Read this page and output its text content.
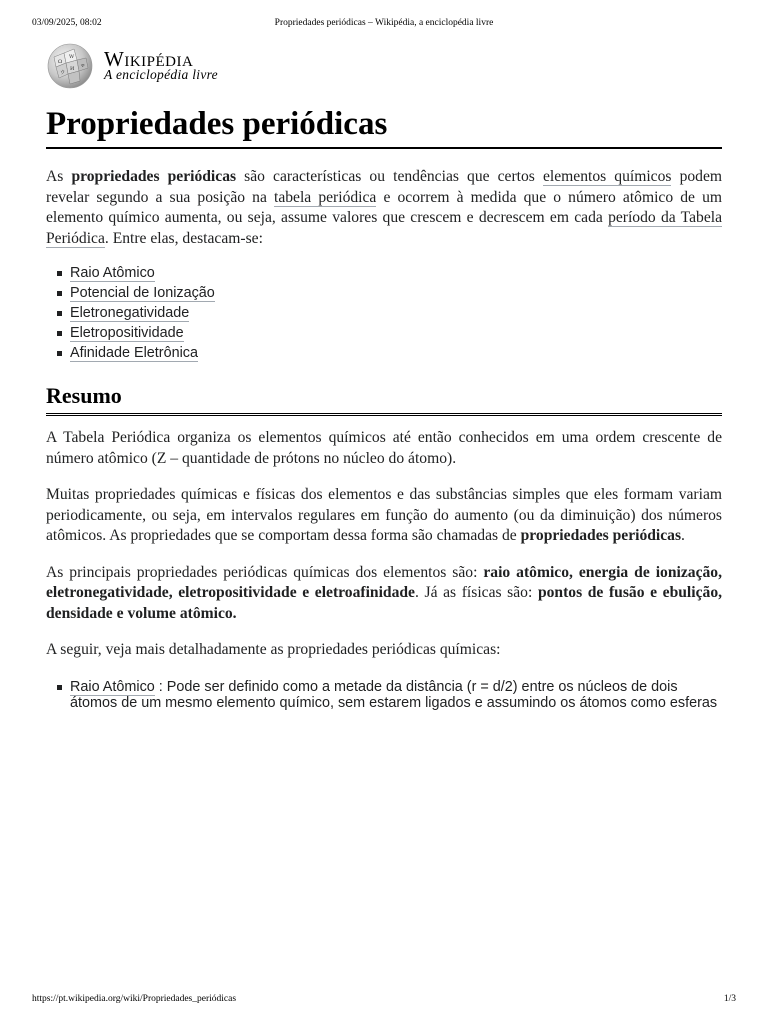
03/09/2025, 08:02	Propriedades periódicas – Wikipédia, a enciclopédia livre
Ω
W
И
ウ
ক Wikipédia
A enciclopédia livre
Propriedades periódicas

As propriedades periódicas são características ou tendências que certos elementos químicos podem revelar segundo a sua posição na tabela periódica e ocorrem à medida que o número atômico de um elemento químico aumenta, ou seja, assume valores que crescem e decrescem em cada período da Tabela Periódica. Entre elas, destacam-se:

Raio Atômico
Potencial de Ionização
Eletronegatividade
Eletropositividade
Afinidade Eletrônica
Resumo

A Tabela Periódica organiza os elementos químicos até então conhecidos em uma ordem crescente de número atômico (Z – quantidade de prótons no núcleo do átomo).

Muitas propriedades químicas e físicas dos elementos e das substâncias simples que eles formam variam periodicamente, ou seja, em intervalos regulares em função do aumento (ou da diminuição) dos números atômicos. As propriedades que se comportam dessa forma são chamadas de propriedades periódicas.

As principais propriedades periódicas químicas dos elementos são: raio atômico, energia de ionização, eletronegatividade, eletropositividade e eletroafinidade. Já as físicas são: pontos de fusão e ebulição, densidade e volume atômico.

A seguir, veja mais detalhadamente as propriedades periódicas químicas:

Raio Atômico : Pode ser definido como a metade da distância (r = d/2) entre os núcleos de dois átomos de um mesmo elemento químico, sem estarem ligados e assumindo os átomos como esferas
https://pt.wikipedia.org/wiki/Propriedades_periódicas	1/3
